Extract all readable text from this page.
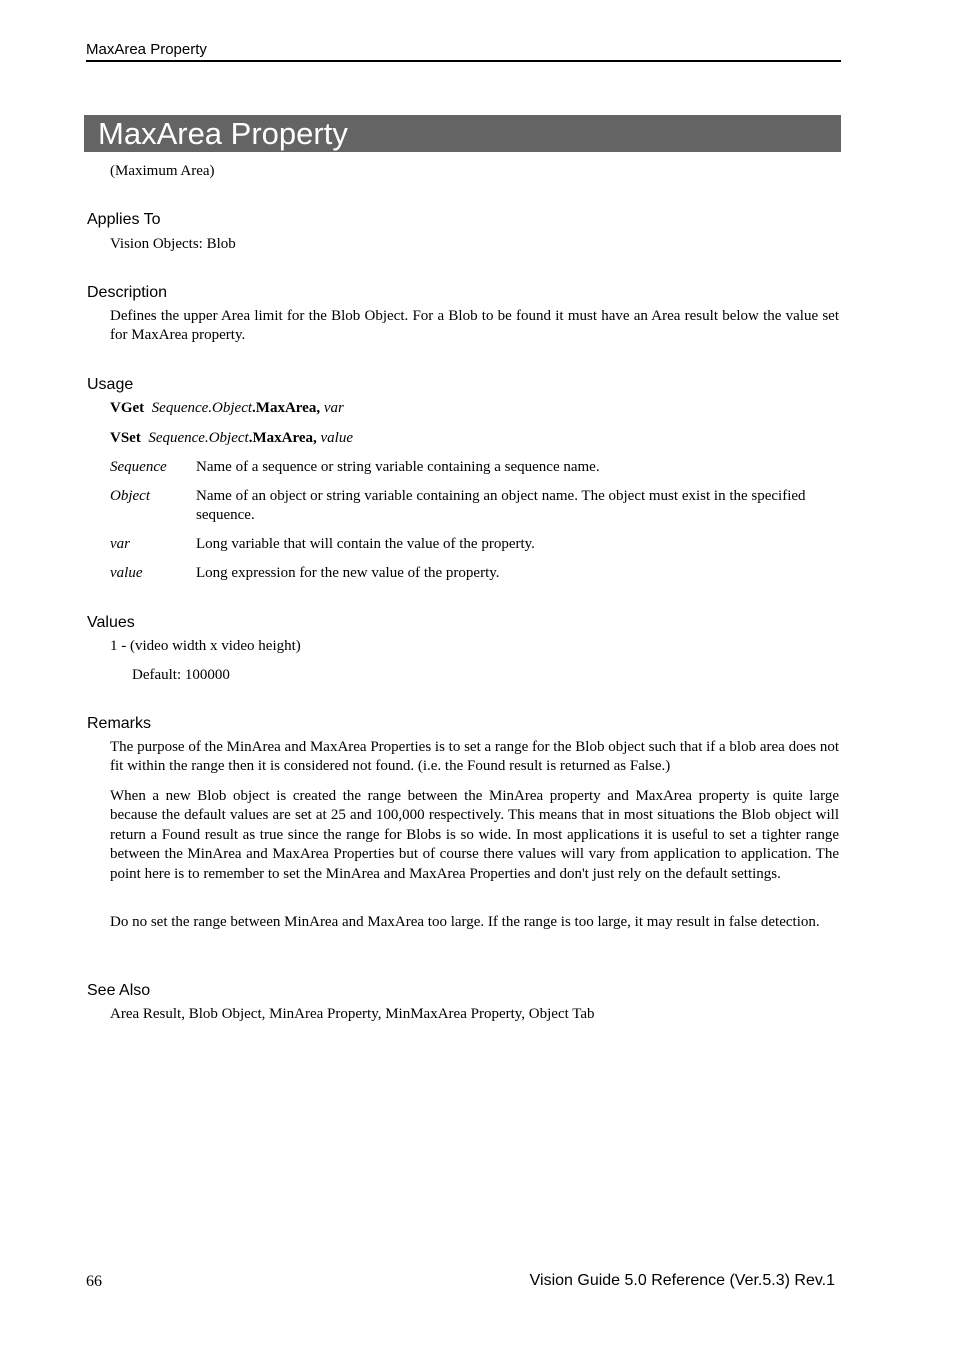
MaxArea Property
MaxArea Property
(Maximum Area)
Applies To
Vision Objects: Blob
Description
Defines the upper Area limit for the Blob Object. For a Blob to be found it must have an Area result below the value set for MaxArea property.
Usage
VGet Sequence.Object.MaxArea, var
VSet Sequence.Object.MaxArea, value
Sequence Name of a sequence or string variable containing a sequence name.
Object	Name of an object or string variable containing an object name. The object must exist in the specified sequence.
var	Long variable that will contain the value of the property.
value	Long expression for the new value of the property.
Values
1 - (video width x video height)
Default: 100000
Remarks
The purpose of the MinArea and MaxArea Properties is to set a range for the Blob object such that if a blob area does not fit within the range then it is considered not found. (i.e. the Found result is returned as False.)
When a new Blob object is created the range between the MinArea property and MaxArea property is quite large because the default values are set at 25 and 100,000 respectively. This means that in most situations the Blob object will return a Found result as true since the range for Blobs is so wide. In most applications it is useful to set a tighter range between the MinArea and MaxArea Properties but of course there values will vary from application to application. The point here is to remember to set the MinArea and MaxArea Properties and don't just rely on the default settings.
Do no set the range between MinArea and MaxArea too large. If the range is too large, it may result in false detection.
See Also
Area Result, Blob Object, MinArea Property, MinMaxArea Property, Object Tab
66	Vision Guide 5.0 Reference (Ver.5.3) Rev.1
